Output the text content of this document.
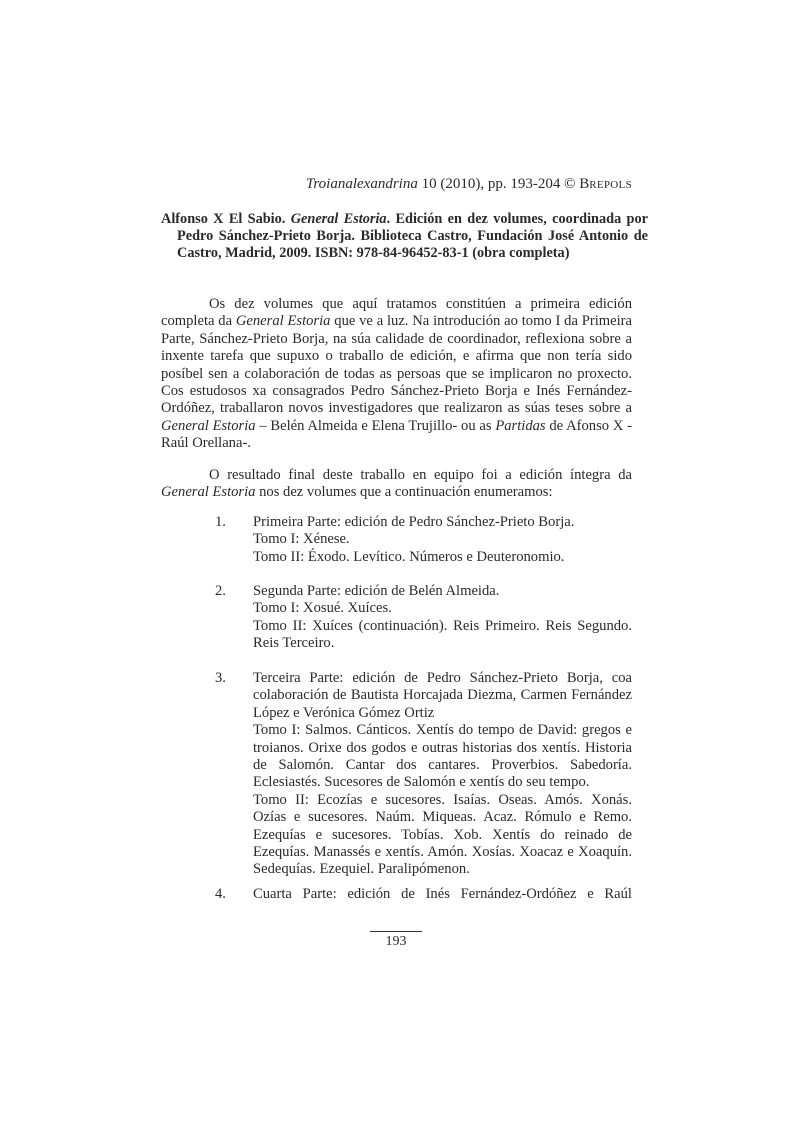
Troianalexandrina 10 (2010), pp. 193-204 © BREPOLS
Alfonso X El Sabio. General Estoria. Edición en dez volumes, coordinada por Pedro Sánchez-Prieto Borja. Biblioteca Castro, Fundación José Antonio de Castro, Madrid, 2009. ISBN: 978-84-96452-83-1 (obra completa)

Os dez volumes que aquí tratamos constitúen a primeira edición completa da General Estoria que ve a luz. Na introdución ao tomo I da Primeira Parte, Sánchez-Prieto Borja, na súa calidade de coordinador, reflexiona sobre a inxente tarefa que supuxo o traballo de edición, e afirma que non tería sido posíbel sen a colaboración de todas as persoas que se implicaron no proxecto. Cos estudosos xa consagrados Pedro Sánchez-Prieto Borja e Inés Fernández-Ordóñez, traballaron novos investigadores que realizaron as súas teses sobre a General Estoria – Belén Almeida e Elena Trujillo- ou as Partidas de Afonso X -Raúl Orellana-.

O resultado final deste traballo en equipo foi a edición íntegra da General Estoria nos dez volumes que a continuación enumeramos:

1. Primeira Parte: edición de Pedro Sánchez-Prieto Borja.
Tomo I: Xénese.
Tomo II: Éxodo. Levítico. Números e Deuteronomio.
2. Segunda Parte: edición de Belén Almeida.
Tomo I: Xosué. Xuíces.
Tomo II: Xuíces (continuación). Reis Primeiro. Reis Segundo. Reis Terceiro.
3. Terceira Parte: edición de Pedro Sánchez-Prieto Borja, coa colaboración de Bautista Horcajada Diezma, Carmen Fernández López e Verónica Gómez Ortiz
Tomo I: Salmos. Cánticos. Xentís do tempo de David: gregos e troianos. Orixe dos godos e outras historias dos xentís. Historia de Salomón. Cantar dos cantares. Proverbios. Sabedoría. Eclesiastés. Sucesores de Salomón e xentís do seu tempo.
Tomo II: Ecozías e sucesores. Isaías. Oseas. Amós. Xonás. Ozías e sucesores. Naúm. Miqueas. Acaz. Rómulo e Remo. Ezequías e sucesores. Tobías. Xob. Xentís do reinado de Ezequías. Manassés e xentís. Amón. Xosías. Xoacaz e Xoaquín. Sedequías. Ezequiel. Paralipómenon.
4. Cuarta Parte: edición de Inés Fernández-Ordóñez e Raúl
193
